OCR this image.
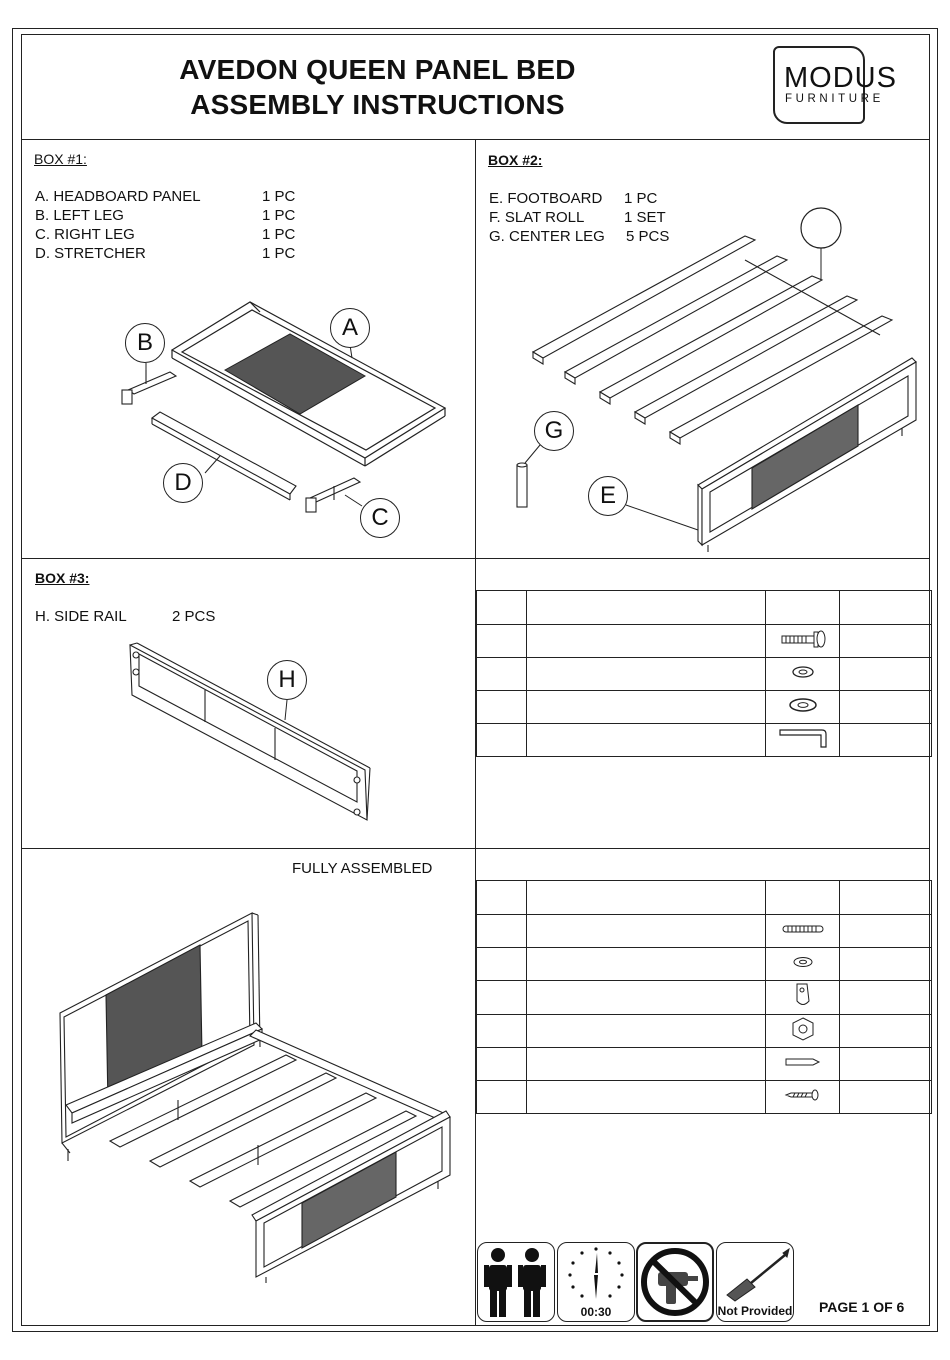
AVEDON QUEEN PANEL BED
ASSEMBLY INSTRUCTIONS
MODUS
FURNITURE
BOX #1:
A. HEADBOARD PANEL	1 PC
B. LEFT LEG	1 PC
C. RIGHT LEG	1 PC
D. STRETCHER	1 PC
A
B
C
D
BOX #2:
E. FOOTBOARD 1 PC
F. SLAT ROLL	1 SET
G. CENTER LEG 5 PCS
G
E
BOX #3:
H. SIDE RAIL	2 PCS
H

FULLY ASSEMBLED

00:30	Not Provided PAGE 1 OF 6
